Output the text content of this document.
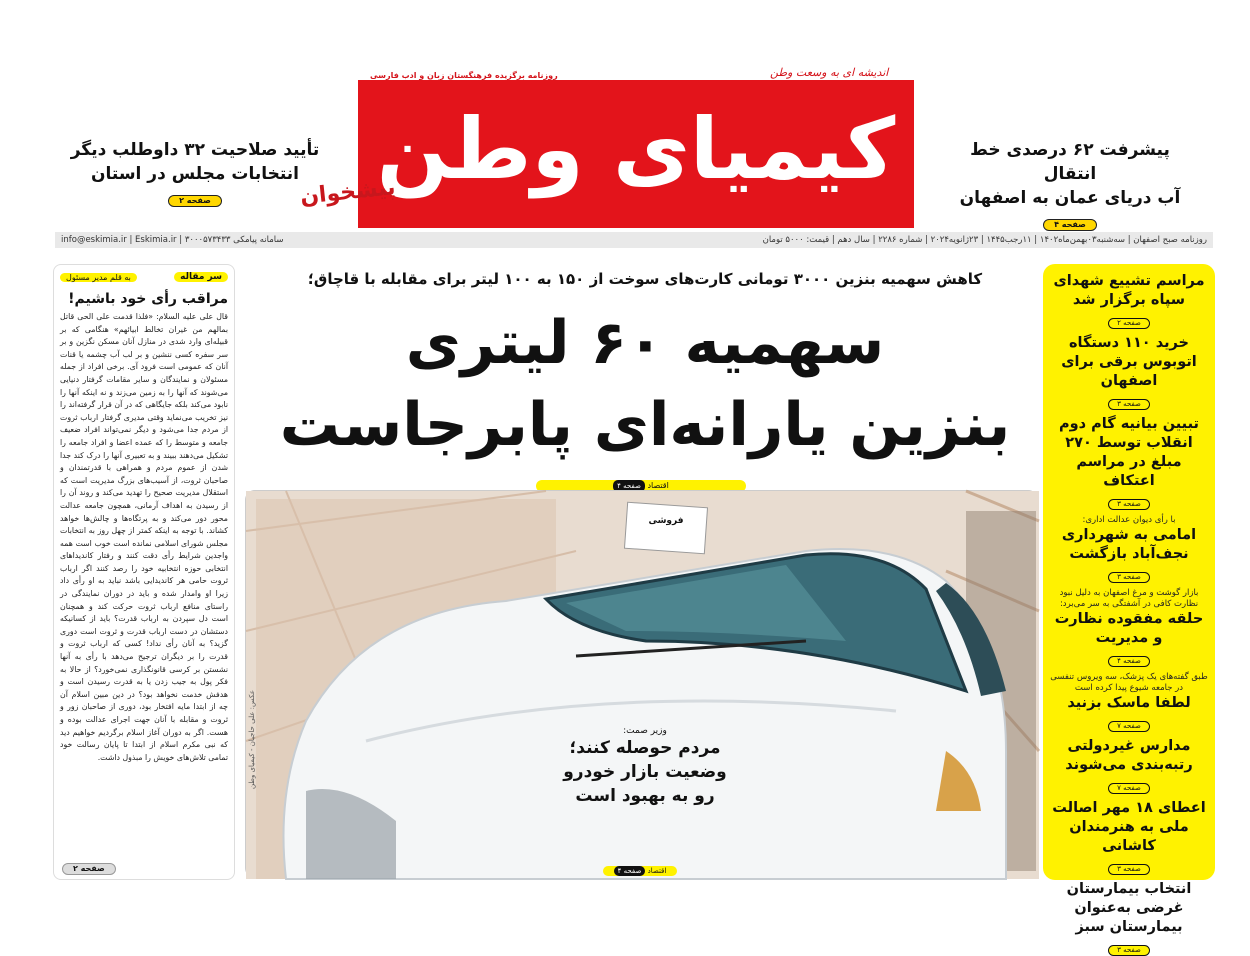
کیمیای وطن
اندیشه ای به وسعت وطن
روزنامه برگزیده فرهنگستان زبان و ادب فارسی
پیشخوان
پیشرفت ۶۲ درصدی خط انتقال
آب دریای عمان به اصفهان
صفحه ۴
تأیید صلاحیت ۳۲ داوطلب دیگر
انتخابات مجلس در استان
صفحه ۲
روزنامه صبح اصفهان | سه‌شنبه۰۳بهمن‌ماه۱۴۰۲ | ۱۱رجب۱۴۴۵ | ۲۳ژانویه۲۰۲۴ | شماره ۲۲۸۶ | سال دهم | قیمت: ۵۰۰۰ تومان
info@eskimia.ir | Eskimia.ir | سامانه پیامکی ۳۰۰۰۵۷۳۴۳۳
مراسم تشییع شهدای سپاه برگزار شد
صفحه ۲
خرید ۱۱۰ دستگاه اتوبوس برقی برای اصفهان
صفحه ۳
تبیین بیانیه گام دوم انقلاب توسط ۲۷۰ مبلغ در مراسم اعتکاف
صفحه ۳
با رأی دیوان عدالت اداری:
امامی به شهرداری نجف‌آباد بازگشت
صفحه ۳
بازار گوشت و مرغ اصفهان به دلیل نبود نظارت کافی در آشفتگی به سر می‌برد:
حلقه مفقوده نظارت و مدیریت
صفحه ۴
طبق گفته‌های یک پزشک، سه ویروس تنفسی در جامعه شیوع پیدا کرده است
لطفا ماسک بزنید
صفحه ۷
مدارس غیردولتی رتبه‌بندی می‌شوند
صفحه ۷
اعطای ۱۸ مهر اصالت ملی به هنرمندان کاشانی
صفحه ۳
انتخاب بیمارستان غرضی به‌عنوان بیمارستان سبز
صفحه ۳
سر مقاله
به قلم مدیر مسئول
مراقب رأی خود باشیم!
قال علی علیه السلام: «فلذا قدمت علی الحی قاتل بمالهم من غیران تخالط ابیائهم» هنگامی که بر قبیله‌ای وارد شدی در منازل آنان مسکن نگزین و بر سر سفره کسی ننشین و بر لب آب چشمه یا قنات آنان که عمومی است فرود آی. برخی افراد از جمله مسئولان و نمایندگان و سایر مقامات گرفتار دنیایی می‌شوند که آنها را به زمین می‌زند و نه اینکه آنها را نابود می‌کند بلکه جایگاهی که در آن قرار گرفته‌اند را نیز تخریب می‌نماید وقتی مدیری گرفتار ارباب ثروت از مردم جدا می‌شود و دیگر نمی‌تواند افراد ضعیف جامعه و متوسط را که عمده اعضا و افراد جامعه را تشکیل می‌دهند ببیند و به تعبیری آنها را درک کند جدا شدن از عموم مردم و همراهی با قدرتمندان و صاحبان ثروت، از آسیب‌های بزرگ مدیریت است که استقلال مدیریت صحیح را تهدید می‌کند و روند آن را از رسیدن به اهداف آرمانی، همچون جامعه عدالت محور دور می‌کند و به پرتگاه‌ها و چالش‌ها خواهد کشاند. با توجه به اینکه کمتر از چهل روز به انتخابات مجلس شورای اسلامی نمانده است خوب است همه واجدین شرایط رأی دقت کنند و رفتار کاندیداهای انتخابی حوزه انتخابیه خود را رصد کنند اگر ارباب ثروت حامی هر کاندیدایی باشد نباید به او رأی داد زیرا او وامدار شده و باید در دوران نمایندگی در راستای منافع ارباب ثروت حرکت کند و همچنان است دل سپردن به ارباب قدرت؟ باید از کسانیکه دستشان در دست ارباب قدرت و ثروت است دوری گزید؟ به آنان رأی نداد! کسی که ارباب ثروت و قدرت را بر دیگران ترجیح می‌دهد با رأی به آنها نشستن بر کرسی قانونگذاری نمی‌خورد؟ از حالا به فکر پول به جیب زدن یا به قدرت رسیدن است و هدفش خدمت نخواهد بود؟ در دین مبین اسلام آن چه از ابتدا مایه افتخار بود، دوری از صاحبان زور و ثروت و مقابله با آنان جهت اجرای عدالت بوده و هست. اگر به دوران آغاز اسلام برگردیم خواهیم دید که نبی مکرم اسلام از ابتدا تا پایان رسالت خود تمامی تلاش‌های خویش را مبذول داشت.
صفحه ۲
کاهش سهمیه بنزین ۳۰۰۰ تومانی کارت‌های سوخت از ۱۵۰ به ۱۰۰ لیتر برای مقابله با قاچاق؛
سهمیه ۶۰ لیتری
بنزین یارانه‌ای پابرجاست
اقتصاد صفحه ۴
فروشی
عکس: علی حاجیان - کیمیای وطن	وزیر صمت:
مردم حوصله کنند؛
وضعیت بازار خودرو
رو به بهبود است
اقتصاد صفحه ۴
